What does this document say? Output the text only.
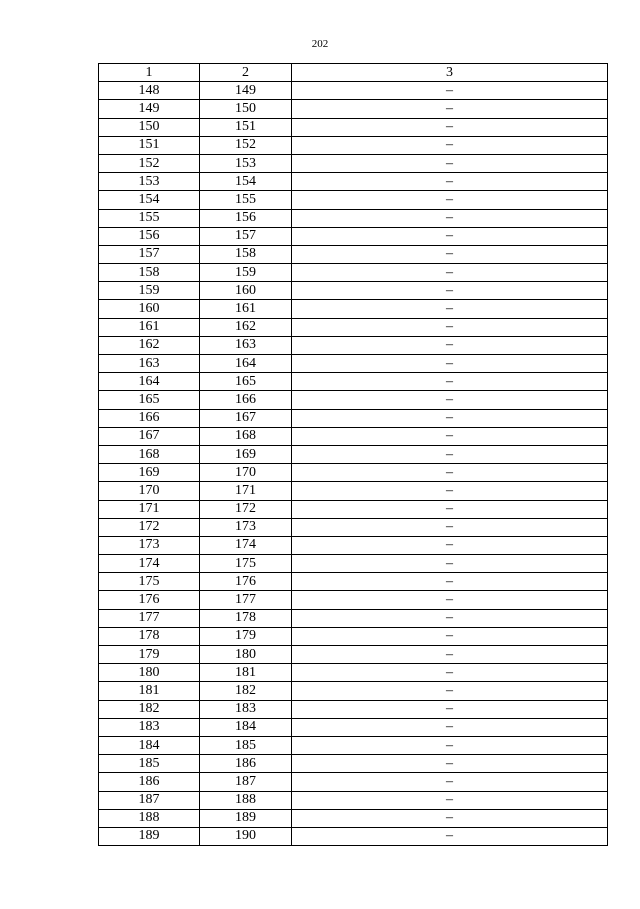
202
1	2	3
148	149	–
149	150	–
150	151	–
151	152	–
152	153	–
153	154	–
154	155	–
155	156	–
156	157	–
157	158	–
158	159	–
159	160	–
160	161	–
161	162	–
162	163	–
163	164	–
164	165	–
165	166	–
166	167	–
167	168	–
168	169	–
169	170	–
170	171	–
171	172	–
172	173	–
173	174	–
174	175	–
175	176	–
176	177	–
177	178	–
178	179	–
179	180	–
180	181	–
181	182	–
182	183	–
183	184	–
184	185	–
185	186	–
186	187	–
187	188	–
188	189	–
189	190	–
